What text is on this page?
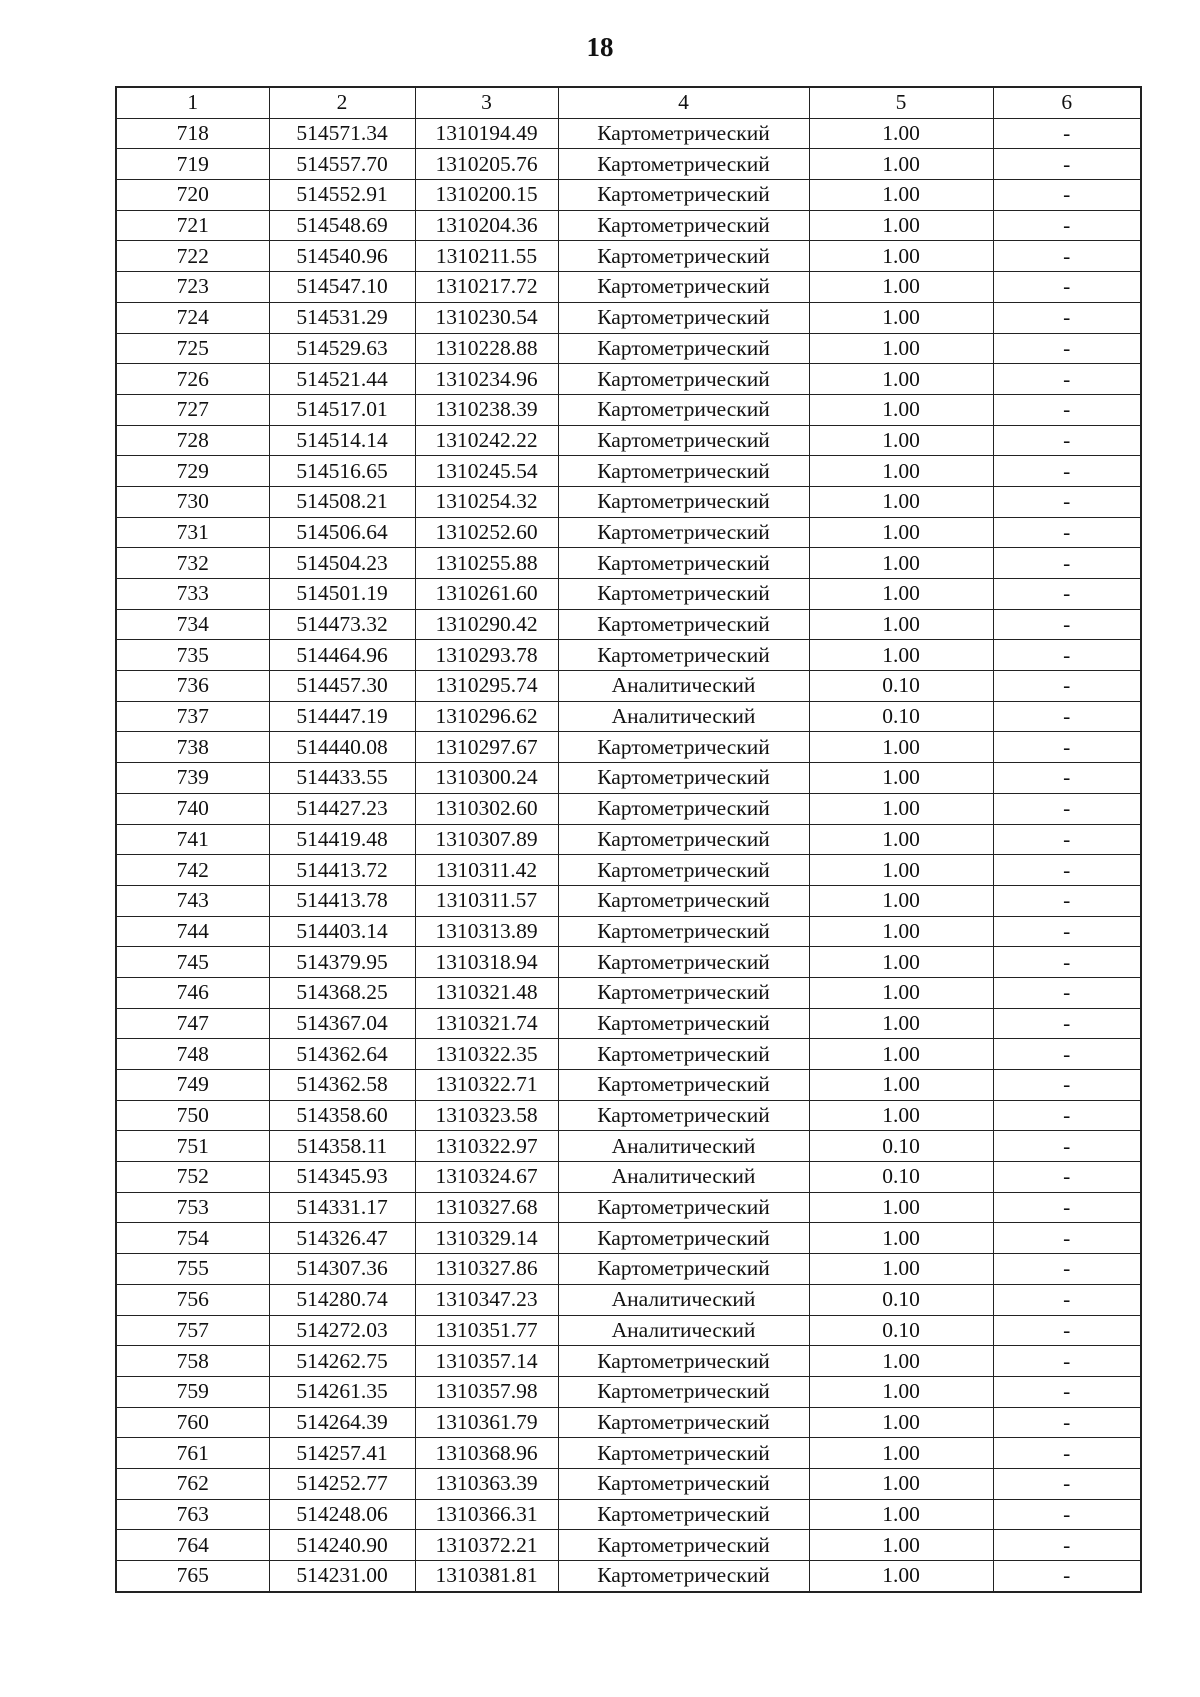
18
1	2	3	4	5	6
718	514571.34	1310194.49	Картометрический	1.00	-
719	514557.70	1310205.76	Картометрический	1.00	-
720	514552.91	1310200.15	Картометрический	1.00	-
721	514548.69	1310204.36	Картометрический	1.00	-
722	514540.96	1310211.55	Картометрический	1.00	-
723	514547.10	1310217.72	Картометрический	1.00	-
724	514531.29	1310230.54	Картометрический	1.00	-
725	514529.63	1310228.88	Картометрический	1.00	-
726	514521.44	1310234.96	Картометрический	1.00	-
727	514517.01	1310238.39	Картометрический	1.00	-
728	514514.14	1310242.22	Картометрический	1.00	-
729	514516.65	1310245.54	Картометрический	1.00	-
730	514508.21	1310254.32	Картометрический	1.00	-
731	514506.64	1310252.60	Картометрический	1.00	-
732	514504.23	1310255.88	Картометрический	1.00	-
733	514501.19	1310261.60	Картометрический	1.00	-
734	514473.32	1310290.42	Картометрический	1.00	-
735	514464.96	1310293.78	Картометрический	1.00	-
736	514457.30	1310295.74	Аналитический	0.10	-
737	514447.19	1310296.62	Аналитический	0.10	-
738	514440.08	1310297.67	Картометрический	1.00	-
739	514433.55	1310300.24	Картометрический	1.00	-
740	514427.23	1310302.60	Картометрический	1.00	-
741	514419.48	1310307.89	Картометрический	1.00	-
742	514413.72	1310311.42	Картометрический	1.00	-
743	514413.78	1310311.57	Картометрический	1.00	-
744	514403.14	1310313.89	Картометрический	1.00	-
745	514379.95	1310318.94	Картометрический	1.00	-
746	514368.25	1310321.48	Картометрический	1.00	-
747	514367.04	1310321.74	Картометрический	1.00	-
748	514362.64	1310322.35	Картометрический	1.00	-
749	514362.58	1310322.71	Картометрический	1.00	-
750	514358.60	1310323.58	Картометрический	1.00	-
751	514358.11	1310322.97	Аналитический	0.10	-
752	514345.93	1310324.67	Аналитический	0.10	-
753	514331.17	1310327.68	Картометрический	1.00	-
754	514326.47	1310329.14	Картометрический	1.00	-
755	514307.36	1310327.86	Картометрический	1.00	-
756	514280.74	1310347.23	Аналитический	0.10	-
757	514272.03	1310351.77	Аналитический	0.10	-
758	514262.75	1310357.14	Картометрический	1.00	-
759	514261.35	1310357.98	Картометрический	1.00	-
760	514264.39	1310361.79	Картометрический	1.00	-
761	514257.41	1310368.96	Картометрический	1.00	-
762	514252.77	1310363.39	Картометрический	1.00	-
763	514248.06	1310366.31	Картометрический	1.00	-
764	514240.90	1310372.21	Картометрический	1.00	-
765	514231.00	1310381.81	Картометрический	1.00	-
